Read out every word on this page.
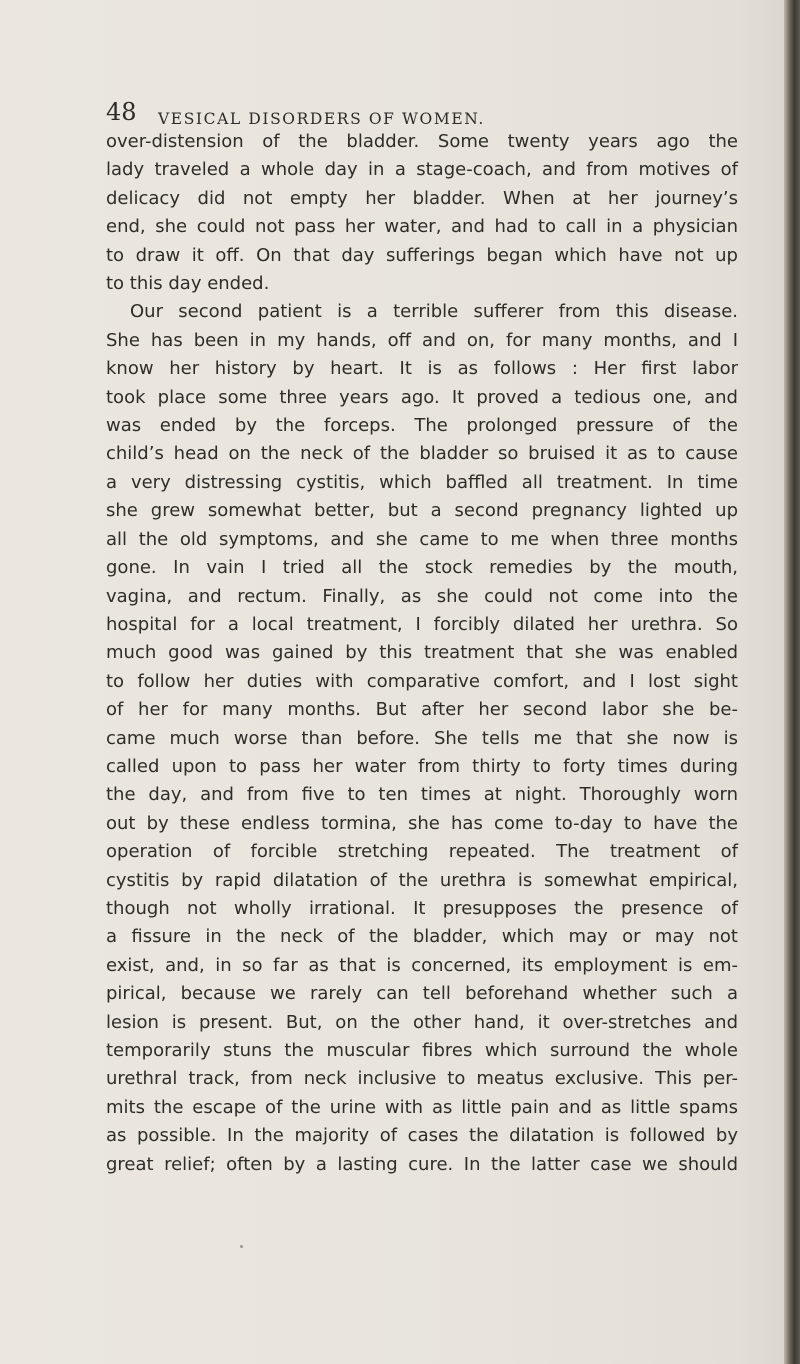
48 VESICAL DISORDERS OF WOMEN.
over-distension of the bladder. Some twenty years ago the
lady traveled a whole day in a stage-coach, and from motives of
delicacy did not empty her bladder. When at her journey’s
end, she could not pass her water, and had to call in a physician
to draw it off. On that day sufferings began which have not up
to this day ended.
Our second patient is a terrible sufferer from this disease.
She has been in my hands, off and on, for many months, and I
know her history by heart. It is as follows : Her first labor
took place some three years ago. It proved a tedious one, and
was ended by the forceps. The prolonged pressure of the
child’s head on the neck of the bladder so bruised it as to cause
a very distressing cystitis, which baffled all treatment. In time
she grew somewhat better, but a second pregnancy lighted up
all the old symptoms, and she came to me when three months
gone. In vain I tried all the stock remedies by the mouth,
vagina, and rectum. Finally, as she could not come into the
hospital for a local treatment, I forcibly dilated her urethra. So
much good was gained by this treatment that she was enabled
to follow her duties with comparative comfort, and I lost sight
of her for many months. But after her second labor she be-
came much worse than before. She tells me that she now is
called upon to pass her water from thirty to forty times during
the day, and from five to ten times at night. Thoroughly worn
out by these endless tormina, she has come to-day to have the
operation of forcible stretching repeated. The treatment of
cystitis by rapid dilatation of the urethra is somewhat empirical,
though not wholly irrational. It presupposes the presence of
a fissure in the neck of the bladder, which may or may not
exist, and, in so far as that is concerned, its employment is em-
pirical, because we rarely can tell beforehand whether such a
lesion is present. But, on the other hand, it over-stretches and
temporarily stuns the muscular fibres which surround the whole
urethral track, from neck inclusive to meatus exclusive. This per-
mits the escape of the urine with as little pain and as little spams
as possible. In the majority of cases the dilatation is followed by
great relief; often by a lasting cure. In the latter case we should
